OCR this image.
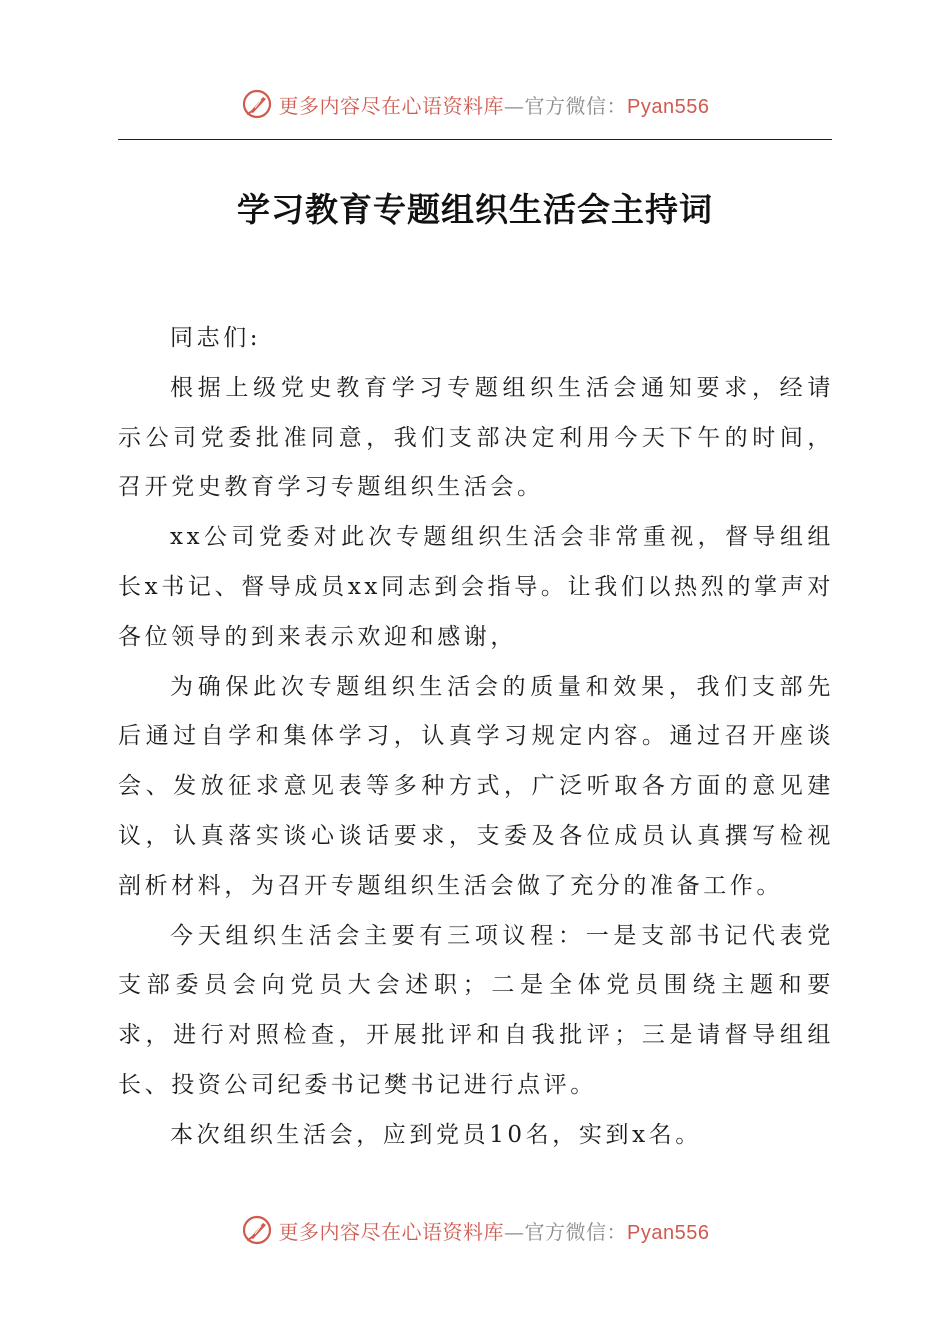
更多内容尽在心语资料库—官方微信：Pyan556
学习教育专题组织生活会主持词

同志们:

根据上级党史教育学习专题组织生活会通知要求，经请示公司党委批准同意，我们支部决定利用今天下午的时间，召开党史教育学习专题组织生活会。

xx公司党委对此次专题组织生活会非常重视，督导组组长x书记、督导成员xx同志到会指导。让我们以热烈的掌声对各位领导的到来表示欢迎和感谢，

为确保此次专题组织生活会的质量和效果，我们支部先后通过自学和集体学习，认真学习规定内容。通过召开座谈会、发放征求意见表等多种方式，广泛听取各方面的意见建议，认真落实谈心谈话要求，支委及各位成员认真撰写检视剖析材料，为召开专题组织生活会做了充分的准备工作。

今天组织生活会主要有三项议程：一是支部书记代表党支部委员会向党员大会述职；二是全体党员围绕主题和要求，进行对照检查，开展批评和自我批评；三是请督导组组长、投资公司纪委书记樊书记进行点评。

本次组织生活会，应到党员10名，实到x名。

更多内容尽在心语资料库—官方微信：Pyan556
